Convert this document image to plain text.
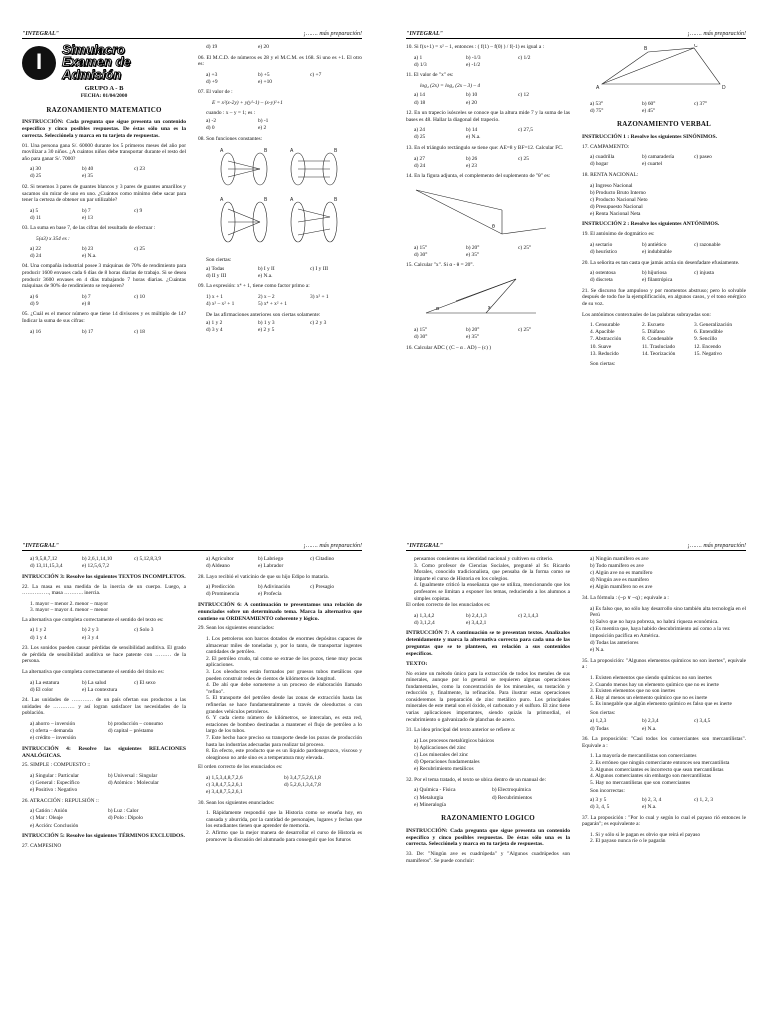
"INTEGRAL"	¡……. más preparación!
I	Simulacro
Examen de
Admisión
GRUPO A - B
FECHA: 01/04/2000
RAZONAMIENTO MATEMATICO
INSTRUCCIÓN: Cada pregunta que sigue presenta un contenido específico y cinco posibles respuestas. De éstas sólo una es la correcta. Selecciónela y marca en tu tarjeta de respuestas.
01. Una persona gana S/. 60000 durante los 5 primeros meses del año por movilizar a 30 niños. ¿A cuántos niños debe transportar durante el resto del año para ganar S/. 7000?
a) 30	b) 40	c) 23
d) 25	e) 35
02. Si tenemos 3 pares de guantes blancos y 3 pares de guantes amarillos y sacamos sin mirar de uno en uno. ¿Cuántos como mínimo debe sacar para tener la certeza de obtener un par utilizable?
a) 5	b) 7	c) 9
d) 11	e) 13
03. La suma en base 7, de las cifras del resultado de efectuar :
5(a3) x 354 es :
a) 22	b) 23	c) 25
d) 24	e) N.a.
04. Una compañía industrial posee 3 máquinas de 70% de rendimiento para producir 1600 envases cada 6 días de 8 horas diarias de trabajo. Si se desea producir 3600 envases en 4 días trabajando 7 horas diarias. ¿Cuántas máquinas de 90% de rendimiento se requieren?
a) 6	b) 7	c) 10
d) 9	e) 8
05. ¿Cuál es el menor número que tiene 14 divisores y es múltiplo de 14? Indicar la suma de sus cifras:
a) 16	b) 17	c) 18
d) 19	e) 20
06. El M.C.D. de números es 28 y el M.C.M. es 168. Si uno es +1. El otro es:
a) +3	b) +5	c) +7
d) +9	e) +10
07. El valor de :
E = x²(x-2y) + y(y²-1) – (x-y)²+1
cuando : x – y = 1; es :
a) -2	b) -1
d) 0	e) 2
08. Son funciones constantes:
A	B	A	B
A	B	A	B
Son ciertas:
a) Todas	b) I y II	c) I y III
d) II y III	e) N.a.
09. La expresión: x⁴ + 1, tiene como factor primo a:
1) x + 1	2) x – 2	3) x² + 1
4) x² – x² + 1	5) x⁴ + x² + 1
De las afirmaciones anteriores son ciertas solamente:
a) 1 y 2	b) 1 y 3	c) 2 y 3
d) 3 y 4	e) 2 y 5
"INTEGRAL"	¡……. más preparación!
10. Si f(x+1) = x² – 1, entonces : ( f(1) – f(0) ) / f(-1) es igual a :
a) 1	b) -1/3	c) 1/2
d) 1/3	e) -1/2
11. El valor de "x" es:
log₄ (2x) = log₂ (2x – 3) – 4
a) 14	b) 10	c) 12
d) 18	e) 20
12. En un trapecio isósceles se conoce que la altura mide 7 y la suma de las bases es 48. Hallar la diagonal del trapecio.
a) 24	b) 14	c) 27,5
d) 25	e) N.a.
13. En el triángulo rectángulo se tiene que: AE=8 y BF=12. Calcular FC.
a) 27	b) 26	c) 25
d) 24	e) 23
14. En la figura adjunta, el complemento del suplemento de "θ" es:
θ
a) 15°	b) 20°	c) 25°
d) 30°	e) 35°
15. Calcular "x". Si α - θ = 20°.
x
α
a) 15°	b) 20°	c) 25°
d) 30°	e) 35°
16. Calcular ADC ( (C – α . AD) – (c) )
A
B	C
D
a) 53°	b) 60°	c) 37°
d) 75°	e) 45°
RAZONAMIENTO VERBAL
INSTRUCCIÓN 1 : Resolve los siguientes SINÓNIMOS.
17. CAMPAMENTO:
a) cuadrilla	b) camaradería	c) paseo
d) hogar	e) cuartel
18. RENTA NACIONAL:
a) Ingreso Nacional
b) Producto Bruto Interno
c) Producto Nacional Neto
d) Presupuesto Nacional
e) Renta Nacional Neta
INSTRUCCIÓN 2 : Resolve los siguientes ANTÓNIMOS.
19. El antónimo de dogmático es:
a) sectario	b) antiético	c) razonable
d) heurístico	e) indubitable
20. La señorita es tan casta que jamás actúa sin desenfadare efusiamente.
a) ostentosa	b) hijuriosa	c) injusta
d) discreta	e) filantrópica
21. Se discurso fue ampuloso y por momentos abstruso; pero lo solvable después de todo fue la ejemplificación, en algunos casos, y el tono enérgico de su voz.
Los antónimos contextuales de las palabras subrayadas son:
1. Censurable	2. Escueto	3. Generalización
4. Apacible	5. Diáfano	6. Entendible
7. Abstracción	8. Condenable	9. Sencillo
10. Suave	11. Trasluciado	12. Encendo
13. Reducido	14. Teorización	15. Negativo
Son ciertas:
"INTEGRAL"	¡……. más preparación!
a) 9,5,8,7,12	b) 2,6,1,14,10	c) 5,12,8,3,9
d) 13,11,15,3,4	e) 12,5,6,7,2
INTRUCCIÓN 3: Resolve los siguientes TEXTOS INCOMPLETOS.
22. La masa es una medida de la inercia de un cuerpo. Luego, a ……………, masa ……….. inercia.
1. mayor – menor 2. menor – mayor
3. mayor – mayor 4. menor – menor
La alternativa que completa correctamente el sentido del texto es:
a) 1 y 2	b) 2 y 3	c) Solo 3
d) 1 y 4	e) 3 y 4
23. Los sonidos pueden causar pérdidas de sensibilidad auditiva. El grado de pérdida de sensibilidad auditiva se hace patente con ……… de la persona.
La alternativa que completa correctamente el sentido del titulo es:
a) La estatura	b) La salud	c) El sexo
d) El color	e) La contextura
24. Las unidades de ………… de un país ofertan sus productos a las unidades de ………… y así logran satisfacer las necesidades de la población.
a) ahorro – inversión	b) producción – consumo
c) oferta – demanda	d) capital – préstamo
e) crédito – inversión
INTRUCCIÓN 4: Resolve las siguientes RELACIONES ANALÓGICAS.
25. SIMPLE : COMPUESTO ::
a) Singular : Particular	b) Universal : Singular
c) General : Específico	d) Atómico : Molecular
e) Positivo : Negativo
26. ATRACCIÓN : REPULSIÓN ::
a) Catión : Anión	b) Luz : Calor
c) Mar : Oleaje	d) Polo : Dipolo
e) Acción: Conclusión
INTRUCCIÓN 5: Resolve los siguientes TÉRMINOS EXCLUIDOS.
27. CAMPESINO
a) Agricultor	b) Labriego	c) Citadino
d) Aldeano	e) Labrador
28. Layo recibió el vaticinio de que su hijo Edipo lo mataría.
a) Predicción	b) Adivinación	c) Presagio
d) Prominencia	e) Profecía
INTRUCCIÓN 6: A continuación te presentamos una relación de enunciados sobre un determinado tema. Marca la alternativa que contiene su ORDENAMIENTO coherente y lógico.
29. Sean los siguientes enunciados:
1. Los petroleros son barcos dotados de enormes depósitos capaces de almacenar miles de toneladas y, por lo tanto, de transportar ingentes cantidades de petróleo.
2. El petróleo crudo, tal como se extrae de los pozos, tiene muy pocas aplicaciones.
3. Los oleoductos están formados por gruesos tubos metálicos que pueden construir redes de cientos de kilómetros de longitud.
4. De ahí que debe someterse a un proceso de elaboración llamado "refino".
5. El transporte del petróleo desde las zonas de extracción hasta las refinerías se hace fundamentalmente a través de oleoductos o con grandes vehículos petroleros.
6. Y cada cierto número de kilómetros, se intercalan, es esta red, estaciones de bombeo destinadas a mantener el flujo de petróleo a lo largo de los tubos.
7. Este hecho hace preciso su transporte desde los pozos de producción hasta las industrias adecuadas para realizar tal proceso.
8. En efecto, este producto que es un líquido pardonegruzco, viscoso y oleaginoso no arde sino es a temperatura muy elevada.
El orden correcto de los enunciados es:
a) 1,5,3,4,8,7,2,6	b) 3,4,7,5,2,6,1,8
c) 3,8,4,7,5,2,6,1	d) 5,2,6,1,3,4,7,8
e) 3,4,8,7,5,2,6,1
30. Sean los siguientes enunciados:
1. Rápidamente respondió que la Historia como se enseña hoy, en cansada y aburrida, por la cantidad de personajes, lugares y fechas que los estudiantes tienen que aprender de memoria.
2. Afirmo que la mejor manera de desarrollar el curso de Historia es promover la discusión del alumnado para conseguir que los futuros
"INTEGRAL"	¡……. más preparación!
pensamos consientes su identidad nacional y cultiven su criterio.
3. Como profesor de Ciencias Sociales, pregunté al Sr. Ricardo Morales, conocido tradicionalista, que pensaba de la forma como se imparte el curso de Historia en los colegios.
4. Igualmente criticó la enseñanza que se utiliza, mencionando que los profesores se limitan a exponer los temas, reduciendo a los alumnos a simples copistas.
El orden correcto de los enunciados es:
a) 1,3,4,2	b) 2,4,1,3	c) 2,1,4,3
d) 3,1,2,4	e) 3,4,2,1
INTRUCCIÓN 7: A continuación se te presentan textos. Analízalos detenidamente y marca la alternativa correcta para cada una de las preguntas que se te planteen, en relación a sus contenidos específicos.
TEXTO:
No existe un método único para la extracción de todos los metales de sus minerales, aunque por lo general se requieren algunas operaciones fundamentales, como la concentración de los minerales, su tostación y reducción y, finalmente, la refinación. Para ilustrar estas operaciones consideremos la preparación de zinc metálico puro. Los principales minerales de este metal son el óxido, el carbonato y el sulfuro. El zinc tiene varias aplicaciones importantes, siendo quizás la primordial, el recubrimiento o galvanizado de planchas de acero.
31. La idea principal del texto anterior se refiere a:
a) Los procesos metalúrgicos básicos
b) Aplicaciones del zinc
c) Los minerales del zinc
d) Operaciones fundamentales
e) Recubrimiento metálicos
32. Por el tema tratado, el texto se ubica dentro de un manual de:
a) Química - Física	b) Electroquímica
c) Metalurgia	d) Recubrimientos
e) Mineralogía
RAZONAMIENTO LOGICO
INSTRUCCIÓN: Cada pregunta que sigue presenta un contenido específico y cinco posibles respuestas. De éstas sólo una es la correcta. Selecciónela y marca en tu tarjeta de respuestas.
33. De: "Ningún ave es cuadrúpeda" y "Algunos cuadrúpedos son mamíferos". Se puede concluir:
a) Ningún mamífero es ave
b) Todo mamífero es ave
c) Algún ave no es mamífero
d) Ningún ave es mamífero
e) Algún mamífero no es ave
34. La fórmula : (~p ∨ ~q) ; equivale a :
a) Es falso que, no sólo hay desarrollo sino también alta tecnología en el Perú
b) Salvo que no haya pobreza, no habrá riqueza económica.
c) Es mentira que, haya habido descubrimiento así como a la vez imposición pacífica en América.
d) Todas las anteriores
e) N.a.
35. La proposición: "Algunos elementos químicos no son inertes", equivale a :
1. Existen elementos que siendo químicos no son inertes
2. Cuando menos hay un elemento químico que no es inerte
3. Existen elementos que no son inertes
4. Hay al menos un elemento químico que no es inerte
5. Es innegable que algún elemento químico es falso que es inerte
Son ciertas:
a) 1,2,3	b) 2,3,4	c) 3,4,5
d) Todas	e) N.a.
36. La proposición: "Casi todos los comerciantes son mercantilistas". Equivale a :
1. La mayoría de mercantilistas son comerciantes
2. Es erróneo que ningún comerciante entonces sea mercantilista
3. Algunos comerciantes es incorrecto que sean mercantilistas
4. Algunos comerciantes sin embargo son mercantilistas
5. Hay no mercantilistas que son comerciantes
Son incorrectas:
a) 3 y 5	b) 2, 3, 4	c) 1, 2, 3
d) 3, 4, 5	e) N.a.
37. La proposición : "Por lo cual y según lo cual el payaso rió entonces le pagarán"; es equivalente a:
1. Si y sólo si le pagan es obvio que reirá el payaso
2. El payaso nunca ríe o le pagarán
